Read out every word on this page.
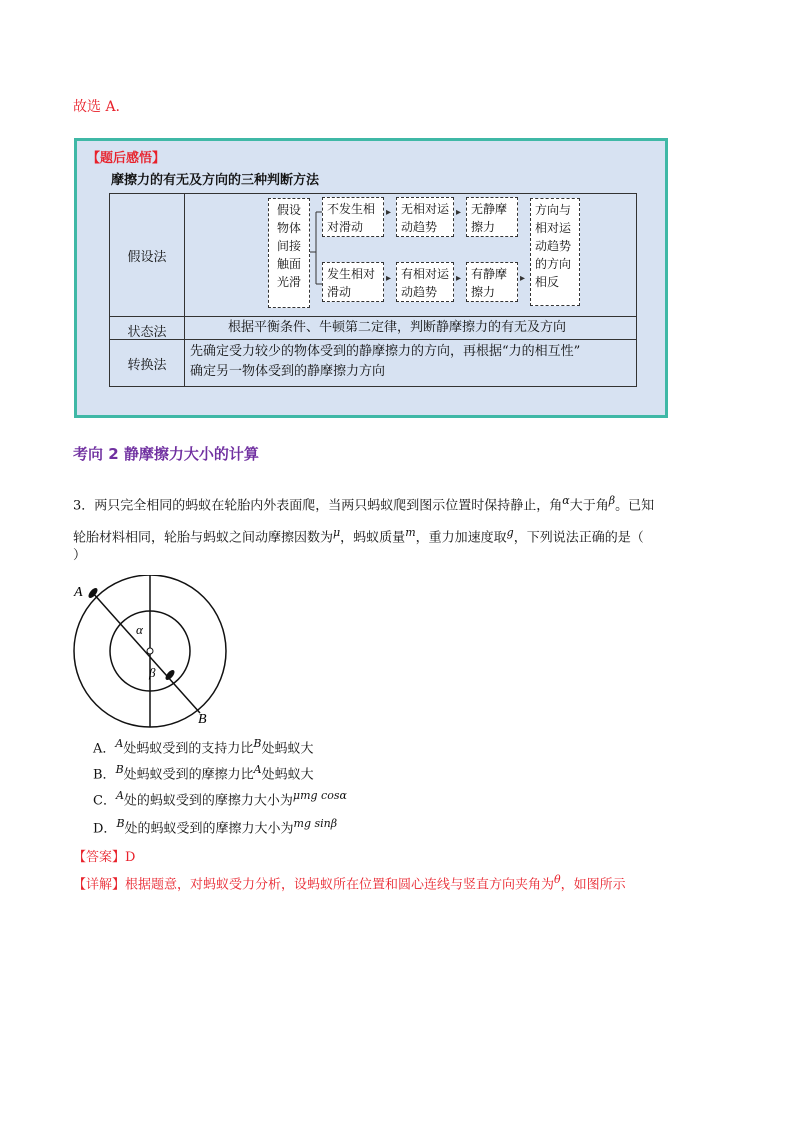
故选 A.
【题后感悟】
摩擦力的有无及方向的三种判断方法
假设法
状态法	根据平衡条件、牛顿第二定律，判断静摩擦力的有无及方向
转换法
先确定受力较少的物体受到的静摩擦力的方向，再根据“力的相互性”
确定另一物体受到的静摩擦力方向
假设物体间接触面光滑
不发生相对滑动
▸ 无相对运动趋势
▸ 无静摩擦力
发生相对滑动
▸ 有相对运动趋势
▸ 有静摩擦力
▸
方向与相对运动趋势的方向相反
考向 2 静摩擦力大小的计算
3．两只完全相同的蚂蚁在轮胎内外表面爬，当两只蚂蚁爬到图示位置时保持静止，角$^\alpha$大于角$^\beta$。已知
轮胎材料相同，轮胎与蚂蚁之间动摩擦因数为$^\mu$，蚂蚁质量$^m$，重力加速度取$^g$，下列说法正确的是（
）
A
B
α
β
A．$^A$处蚂蚁受到的支持力比$^B$处蚂蚁大
B．$^B$处蚂蚁受到的摩擦力比$^A$处蚂蚁大
C．$^A$处的蚂蚁受到的摩擦力大小为$^{\mu mg cos\alpha}$
D．$^B$处的蚂蚁受到的摩擦力大小为$^{mg sin\beta}$
【答案】D
【详解】根据题意，对蚂蚁受力分析，设蚂蚁所在位置和圆心连线与竖直方向夹角为$^\theta$，如图所示
